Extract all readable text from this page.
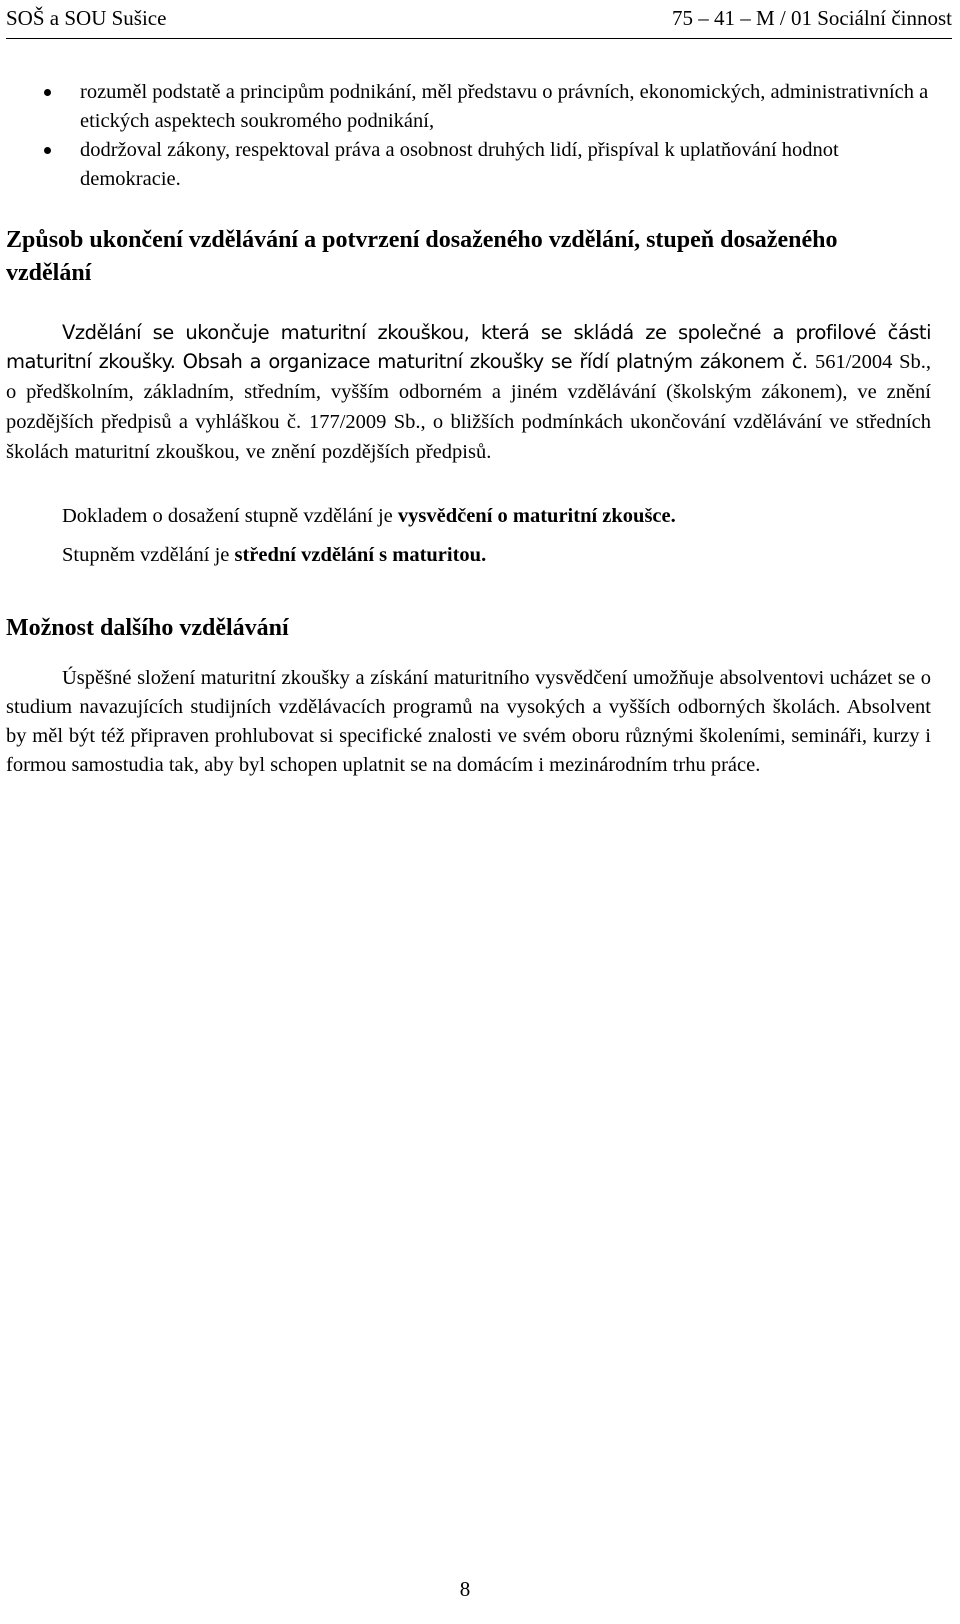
SOŠ a SOU Sušice	75 – 41 – M / 01 Sociální činnost
rozuměl podstatě a principům podnikání, měl představu o právních, ekonomických, administrativních a etických aspektech soukromého podnikání,
dodržoval zákony, respektoval práva a osobnost druhých lidí, přispíval k uplatňování hodnot demokracie.
Způsob ukončení vzdělávání a potvrzení dosaženého vzdělání, stupeň dosaženého vzdělání

Vzdělání se ukončuje maturitní zkouškou, která se skládá ze společné a profilové části maturitní zkoušky. Obsah a organizace maturitní zkoušky se řídí platným zákonem č. 561/2004 Sb., o předškolním, základním, středním, vyšším odborném a jiném vzdělávání (školským zákonem), ve znění pozdějších předpisů a vyhláškou č. 177/2009 Sb., o bližších podmínkách ukončování vzdělávání ve středních školách maturitní zkouškou, ve znění pozdějších předpisů.

Dokladem o dosažení stupně vzdělání je vysvědčení o maturitní zkoušce.

Stupněm vzdělání je střední vzdělání s maturitou.

Možnost dalšího vzdělávání

Úspěšné složení maturitní zkoušky a získání maturitního vysvědčení umožňuje absolventovi ucházet se o studium navazujících studijních vzdělávacích programů na vysokých a vyšších odborných školách. Absolvent by měl být též připraven prohlubovat si specifické znalosti ve svém oboru různými školeními, semináři, kurzy i formou samostudia tak, aby byl schopen uplatnit se na domácím i mezinárodním trhu práce.

8
